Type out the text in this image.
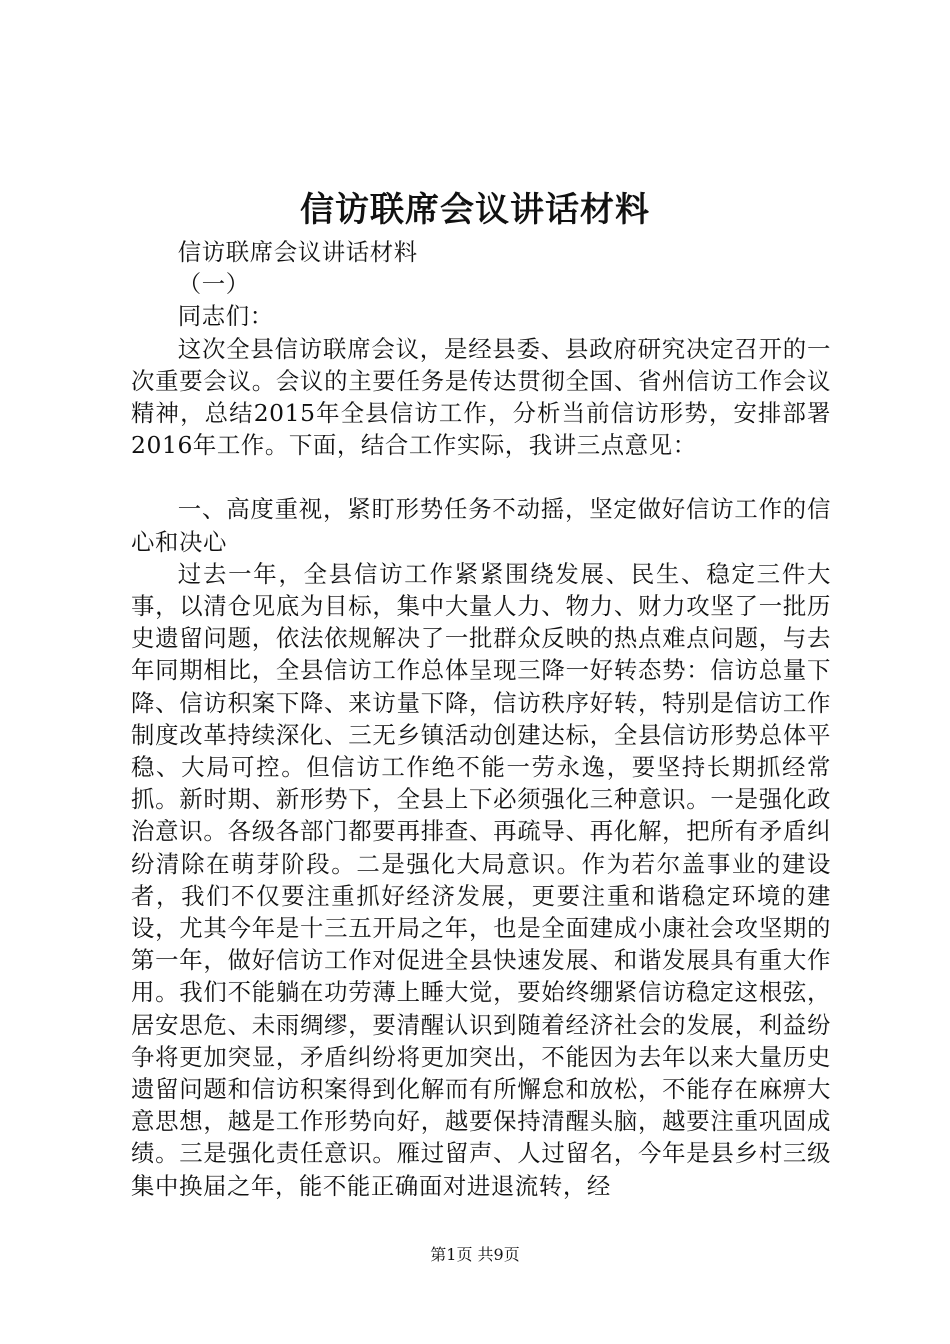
信访联席会议讲话材料

信访联席会议讲话材料

（一）

同志们：

这次全县信访联席会议，是经县委、县政府研究决定召开的一次重要会议。会议的主要任务是传达贯彻全国、省州信访工作会议精神，总结2015年全县信访工作，分析当前信访形势，安排部署2016年工作。下面，结合工作实际，我讲三点意见：

一、高度重视，紧盯形势任务不动摇，坚定做好信访工作的信心和决心

过去一年，全县信访工作紧紧围绕发展、民生、稳定三件大事，以清仓见底为目标，集中大量人力、物力、财力攻坚了一批历史遗留问题，依法依规解决了一批群众反映的热点难点问题，与去年同期相比，全县信访工作总体呈现三降一好转态势：信访总量下降、信访积案下降、来访量下降，信访秩序好转，特别是信访工作制度改革持续深化、三无乡镇活动创建达标，全县信访形势总体平稳、大局可控。但信访工作绝不能一劳永逸，要坚持长期抓经常抓。新时期、新形势下，全县上下必须强化三种意识。一是强化政治意识。各级各部门都要再排查、再疏导、再化解，把所有矛盾纠纷清除在萌芽阶段。二是强化大局意识。作为若尔盖事业的建设者，我们不仅要注重抓好经济发展，更要注重和谐稳定环境的建设，尤其今年是十三五开局之年，也是全面建成小康社会攻坚期的第一年，做好信访工作对促进全县快速发展、和谐发展具有重大作用。我们不能躺在功劳薄上睡大觉，要始终绷紧信访稳定这根弦，居安思危、未雨绸缪，要清醒认识到随着经济社会的发展，利益纷争将更加突显，矛盾纠纷将更加突出，不能因为去年以来大量历史遗留问题和信访积案得到化解而有所懈怠和放松，不能存在麻痹大意思想，越是工作形势向好，越要保持清醒头脑，越要注重巩固成绩。三是强化责任意识。雁过留声、人过留名，今年是县乡村三级集中换届之年，能不能正确面对进退流转，经

第1页 共9页
